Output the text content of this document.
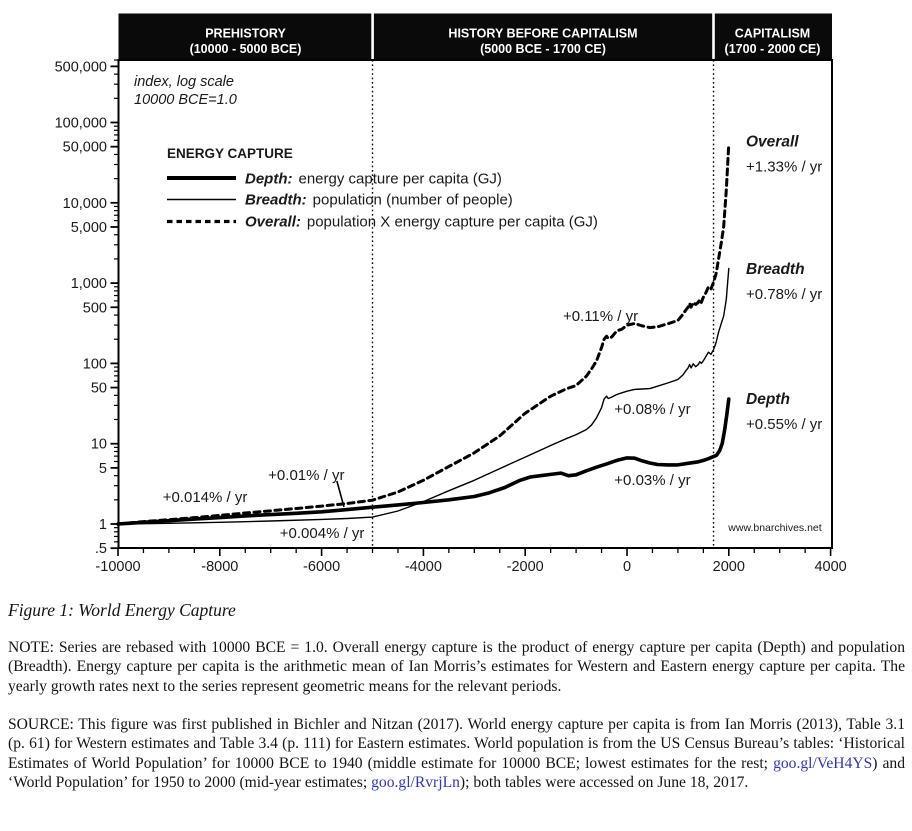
PREHISTORY
(10000 - 5000 BCE)
HISTORY BEFORE CAPITALISM
(5000 BCE - 1700 CE)
CAPITALISM
(1700 - 2000 CE)
-10000	-8000	-6000	-4000	-2000	0	2000	4000
500,000
100,000
50,000
10,000
5,000
1,000
500
100
50
10
5
1
.5
+0.014% / yr
+0.01% / yr
+0.004% / yr
+0.11% / yr
+0.08% / yr
+0.03% / yr
Overall
+1.33% / yr
Breadth
+0.78% / yr
Depth
+0.55% / yr
index, log scale
10000 BCE=1.0
ENERGY CAPTURE
Depth: energy capture per capita (GJ)
Breadth: population (number of people)
Overall: population X energy capture per capita (GJ)
www.bnarchives.net
Figure 1: World Energy Capture
NOTE: Series are rebased with 10000 BCE = 1.0. Overall energy capture is the product of energy capture per capita (Depth) and population (Breadth). Energy capture per capita is the arithmetic mean of Ian Morris’s estimates for Western and Eastern energy capture per capita. The yearly growth rates next to the series represent geometric means for the relevant periods.
SOURCE: This figure was first published in Bichler and Nitzan (2017). World energy capture per capita is from Ian Morris (2013), Table 3.1 (p. 61) for Western estimates and Table 3.4 (p. 111) for Eastern estimates. World population is from the US Census Bureau’s tables: ‘Historical Estimates of World Population’ for 10000 BCE to 1940 (middle estimate for 10000 BCE; lowest estimates for the rest; goo.gl/VeH4YS) and ‘World Population’ for 1950 to 2000 (mid-year estimates; goo.gl/RvrjLn); both tables were accessed on June 18, 2017.
